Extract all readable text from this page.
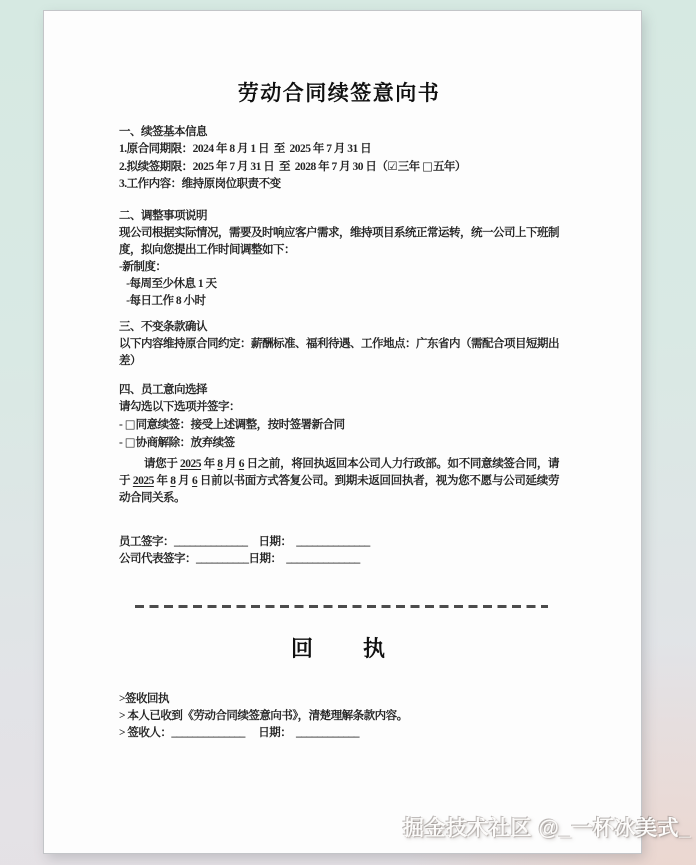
劳动合同续签意向书

一、续签基本信息

1.原合同期限：2024 年 8 月 1 日  至  2025 年 7 月 31 日

2.拟续签期限：2025 年 7 月 31 日  至  2028 年 7 月 30 日（☑三年 □五年）

3.工作内容：维持原岗位职责不变

二、调整事项说明

现公司根据实际情况，需要及时响应客户需求，维持项目系统正常运转，统一公司上下班制度，拟向您提出工作时间调整如下：

-新制度：

-每周至少休息 1 天

-每日工作 8 小时

三、不变条款确认

以下内容维持原合同约定：薪酬标准、福利待遇、工作地点：广东省内（需配合项目短期出差）

四、员工意向选择

请勾选以下选项并签字：

- □同意续签：接受上述调整，按时签署新合同

- □协商解除：放弃续签

请您于 2025 年 8 月 6 日之前，将回执返回本公司人力行政部。如不同意续签合同，请于 2025 年 8 月 6 日前以书面方式答复公司。到期未返回回执者，视为您不愿与公司延续劳动合同关系。

员工签字：______________　日期：  ______________

公司代表签字：__________日期：  ______________

回　　执

>签收回执

> 本人已收到《劳动合同续签意向书》，清楚理解条款内容。

> 签收人：______________　 日期：  ____________

掘金技术社区 @_一杯冰美式_
